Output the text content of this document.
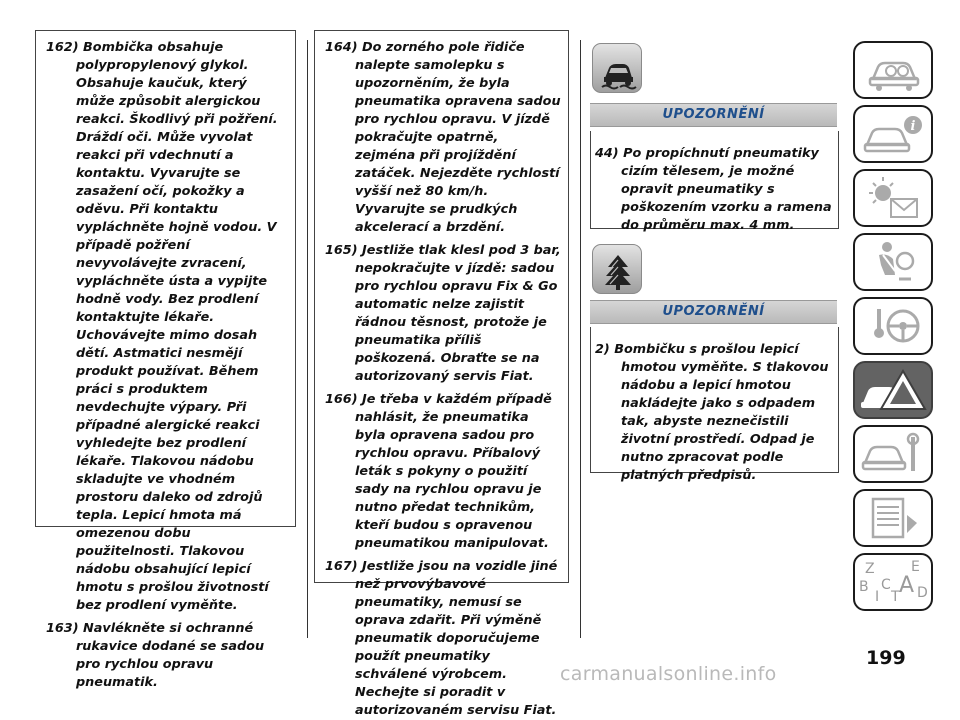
162) Bombička obsahuje polypropylenový glykol. Obsahuje kaučuk, který může způsobit alergickou reakci. Škodlivý při požření. Dráždí oči. Může vyvolat reakci při vdechnutí a kontaktu. Vyvarujte se zasažení očí, pokožky a oděvu. Při kontaktu vypláchněte hojně vodou. V případě požření nevyvolávejte zvracení, vypláchněte ústa a vypijte hodně vody. Bez prodlení kontaktujte lékaře. Uchovávejte mimo dosah dětí. Astmatici nesmějí produkt používat. Během práci s produktem nevdechujte výpary. Při případné alergické reakci vyhledejte bez prodlení lékaře. Tlakovou nádobu skladujte ve vhodném prostoru daleko od zdrojů tepla. Lepicí hmota má omezenou dobu použitelnosti. Tlakovou nádobu obsahující lepicí hmotu s prošlou životností bez prodlení vyměňte.
163) Navlékněte si ochranné rukavice dodané se sadou pro rychlou opravu pneumatik.
164) Do zorného pole řidiče nalepte samolepku s upozorněním, že byla pneumatika opravena sadou pro rychlou opravu. V jízdě pokračujte opatrně, zejména při projíždění zatáček. Nejezděte rychlostí vyšší než 80 km/h. Vyvarujte se prudkých akcelerací a brzdění.
165) Jestliže tlak klesl pod 3 bar, nepokračujte v jízdě: sadou pro rychlou opravu Fix & Go automatic nelze zajistit řádnou těsnost, protože je pneumatika příliš poškozená. Obraťte se na autorizovaný servis Fiat.
166) Je třeba v každém případě nahlásit, že pneumatika byla opravena sadou pro rychlou opravu. Příbalový leták s pokyny o použití sady na rychlou opravu je nutno předat technikům, kteří budou s opravenou pneumatikou manipulovat.
167) Jestliže jsou na vozidle jiné než prvovýbavové pneumatiky, nemusí se oprava zdařit. Při výměně pneumatik doporučujeme použít pneumatiky schválené výrobcem. Nechejte si poradit v autorizovaném servisu Fiat.
UPOZORNĚNÍ
44) Po propíchnutí pneumatiky cizím tělesem, je možné opravit pneumatiky s poškozením vzorku a ramena do průměru max. 4 mm.
UPOZORNĚNÍ
2) Bombičku s prošlou lepicí hmotou vyměňte. S tlakovou nádobu a lepicí hmotou nakládejte jako s odpadem tak, abyste neznečistili životní prostředí. Odpad je nutno zpracovat podle platných předpisů.
i
Z	E
B A
I
C
T D
199
carmanualsonline.info
